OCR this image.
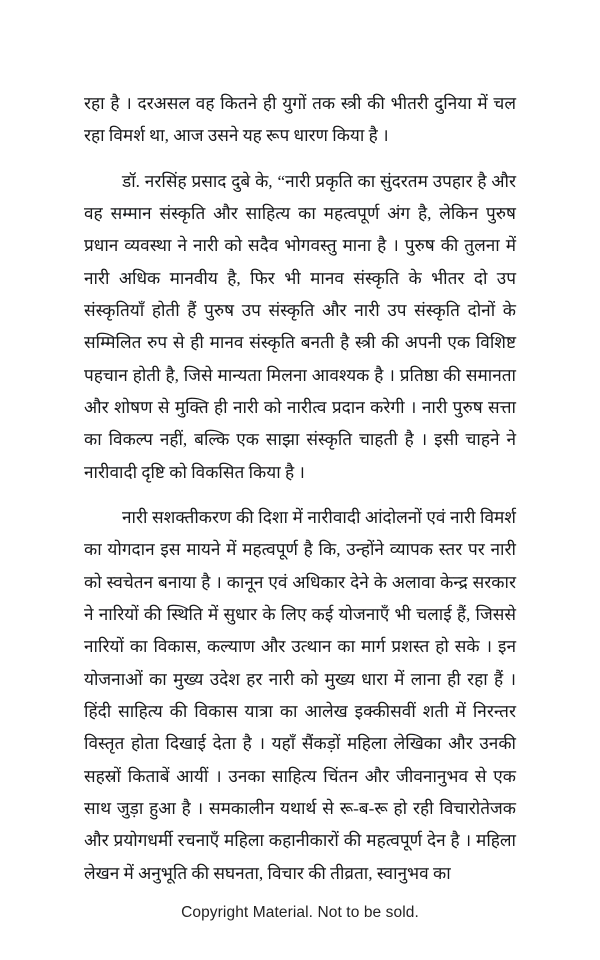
रहा है । दरअसल वह कितने ही युगों तक स्त्री की भीतरी दुनिया में चल रहा विमर्श था, आज उसने यह रूप धारण किया है ।

डॉ. नरसिंह प्रसाद दुबे के, “नारी प्रकृति का सुंदरतम उपहार है और वह सम्मान संस्कृति और साहित्य का महत्वपूर्ण अंग है, लेकिन पुरुष प्रधान व्यवस्था ने नारी को सदैव भोगवस्तु माना है । पुरुष की तुलना में नारी अधिक मानवीय है, फिर भी मानव संस्कृति के भीतर दो उप संस्कृतियाँ होती हैं पुरुष उप संस्कृति और नारी उप संस्कृति दोनों के सम्मिलित रुप से ही मानव संस्कृति बनती है स्त्री की अपनी एक विशिष्ट पहचान होती है, जिसे मान्यता मिलना आवश्यक है । प्रतिष्ठा की समानता और शोषण से मुक्ति ही नारी को नारीत्व प्रदान करेगी । नारी पुरुष सत्ता का विकल्प नहीं, बल्कि एक साझा संस्कृति चाहती है । इसी चाहने ने नारीवादी दृष्टि को विकसित किया है ।

नारी सशक्तीकरण की दिशा में नारीवादी आंदोलनों एवं नारी विमर्श का योगदान इस मायने में महत्वपूर्ण है कि, उन्होंने व्यापक स्तर पर नारी को स्वचेतन बनाया है । कानून एवं अधिकार देने के अलावा केन्द्र सरकार ने नारियों की स्थिति में सुधार के लिए कई योजनाएँ भी चलाई हैं, जिससे नारियों का विकास, कल्याण और उत्थान का मार्ग प्रशस्त हो सके । इन योजनाओं का मुख्य उदेश हर नारी को मुख्य धारा में लाना ही रहा हैं । हिंदी साहित्य की विकास यात्रा का आलेख इक्कीसवीं शती में निरन्तर विस्तृत होता दिखाई देता है । यहाँ सैंकड़ों महिला लेखिका और उनकी सहस्रों किताबें आयीं । उनका साहित्य चिंतन और जीवनानुभव से एक साथ जुड़ा हुआ है । समकालीन यथार्थ से रू-ब-रू हो रही विचारोतेजक और प्रयोगधर्मी रचनाएँ महिला कहानीकारों की महत्वपूर्ण देन है । महिला लेखन में अनुभूति की सघनता, विचार की तीव्रता, स्वानुभव का

Copyright Material. Not to be sold.
